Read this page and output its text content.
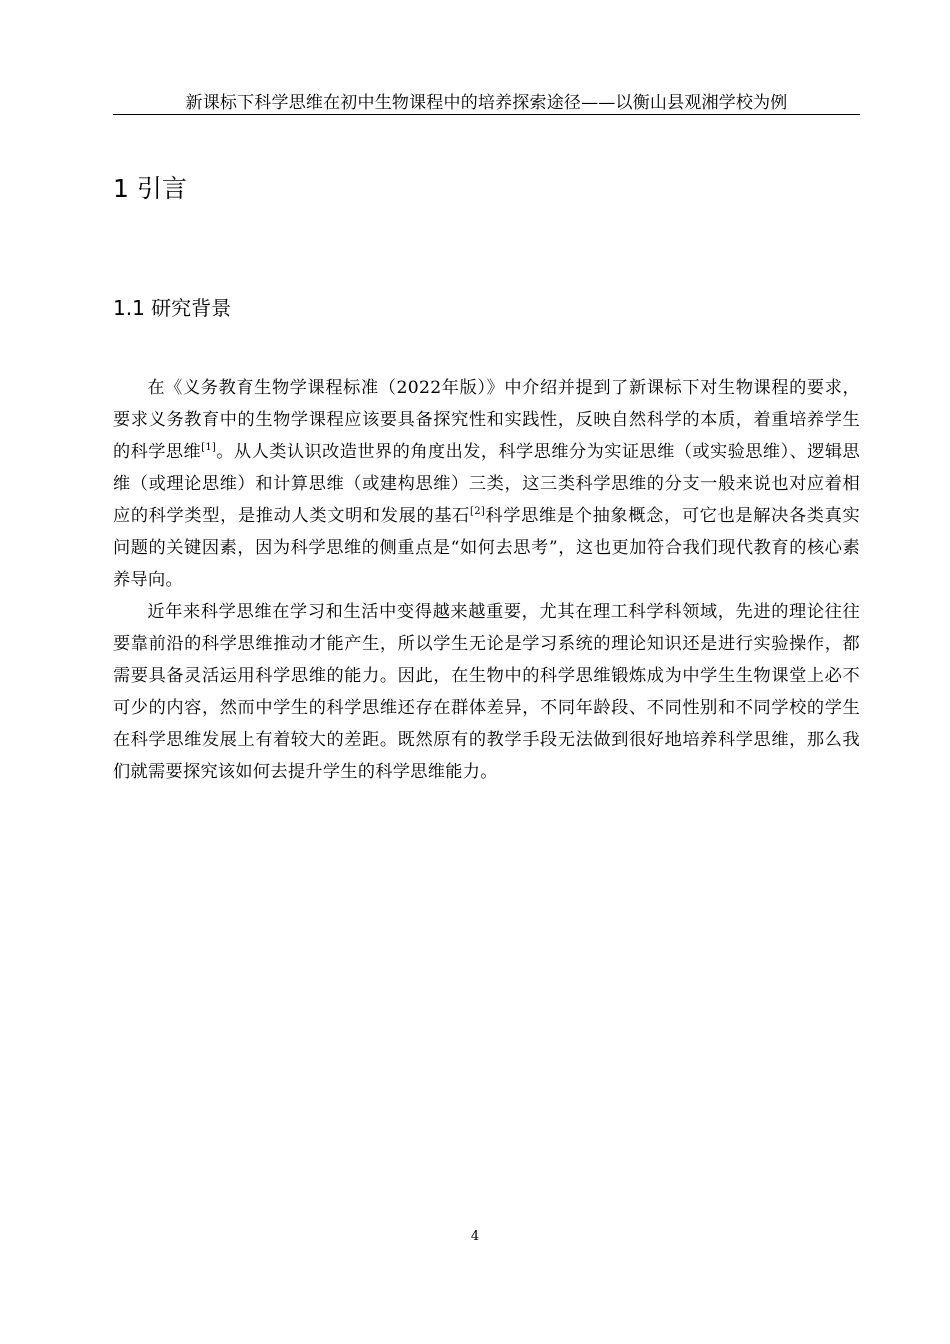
新课标下科学思维在初中生物课程中的培养探索途径——以衡山县观湘学校为例
1 引言
1.1 研究背景

在《义务教育生物学课程标准（2022年版）》中介绍并提到了新课标下对生物课程的要求，要求义务教育中的生物学课程应该要具备探究性和实践性，反映自然科学的本质，着重培养学生的科学思维[1]。从人类认识改造世界的角度出发，科学思维分为实证思维（或实验思维）、逻辑思维（或理论思维）和计算思维（或建构思维）三类，这三类科学思维的分支一般来说也对应着相应的科学类型，是推动人类文明和发展的基石[2]科学思维是个抽象概念，可它也是解决各类真实问题的关键因素，因为科学思维的侧重点是“如何去思考”，这也更加符合我们现代教育的核心素养导向。

近年来科学思维在学习和生活中变得越来越重要，尤其在理工科学科领域，先进的理论往往要靠前沿的科学思维推动才能产生，所以学生无论是学习系统的理论知识还是进行实验操作，都需要具备灵活运用科学思维的能力。因此，在生物中的科学思维锻炼成为中学生生物课堂上必不可少的内容，然而中学生的科学思维还存在群体差异，不同年龄段、不同性别和不同学校的学生在科学思维发展上有着较大的差距。既然原有的教学手段无法做到很好地培养科学思维，那么我们就需要探究该如何去提升学生的科学思维能力。

4
